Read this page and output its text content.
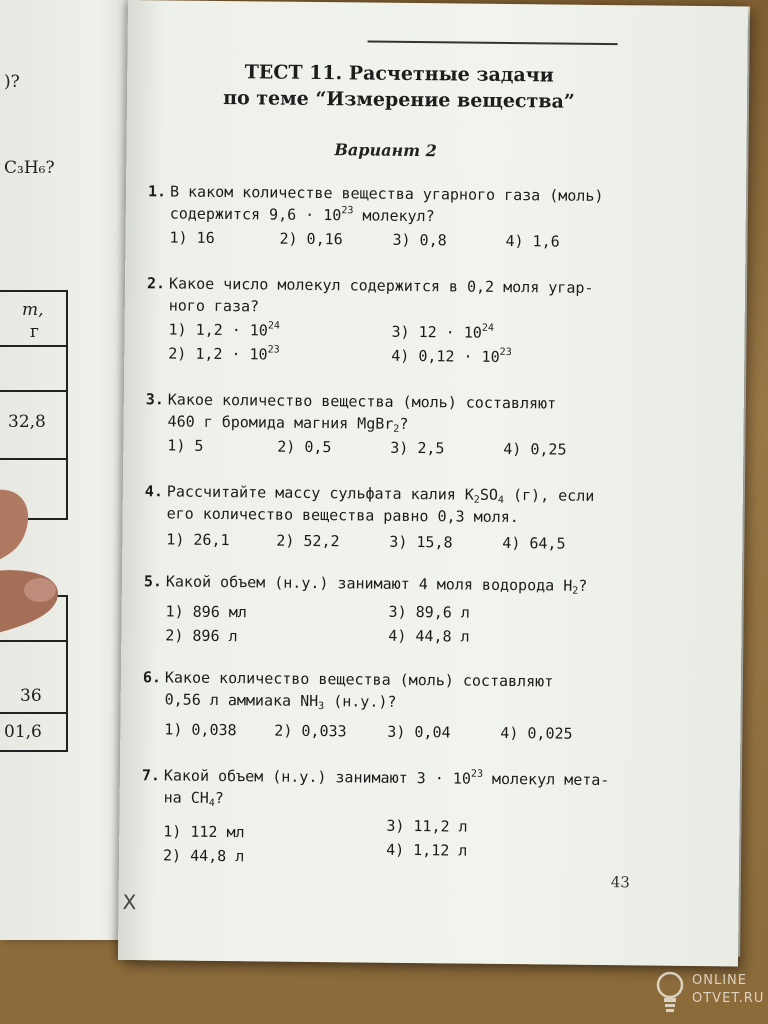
)?
C₃H₆?
m,
г
32,8
36
01,6
ТЕСТ 11. Расчетные задачи
по теме “Измерение вещества”
Вариант 2
1. В каком количестве вещества угарного газа (моль)
содержится $9,6 \cdot 10^{23}$ молекул?
1) 16	2) 0,16	3) 0,8	4) 1,6
2. Какое число молекул содержится в 0,2 моля угар-
ного газа?
1) $1,2 \cdot 10^{24}$
2) $1,2 \cdot 10^{23}$
3) $12 \cdot 10^{24}$
4) $0,12 \cdot 10^{23}$
3. Какое количество вещества (моль) составляют
460 г бромида магния MgBr$_2$?
1) 5	2) 0,5	3) 2,5	4) 0,25
4. Рассчитайте массу сульфата калия $K_2SO_4$ (г), если
его количество вещества равно 0,3 моля.
1) 26,1	2) 52,2	3) 15,8	4) 64,5
5. Какой объем (н.у.) занимают 4 моля водорода $H_2$?
1) 896 мл
2) 896 л
3) 89,6 л
4) 44,8 л
6. Какое количество вещества (моль) составляют
0,56 л аммиака $NH_3$ (н.у.)?
1) 0,038	2) 0,033	3) 0,04	4) 0,025
7. Какой объем (н.у.) занимают $3 \cdot 10^{23}$ молекул мета-
на $CH_4$?
1) 112 мл
2) 44,8 л
3) 11,2 л
4) 1,12 л
43
Х
ONLINE
OTVET.RU
